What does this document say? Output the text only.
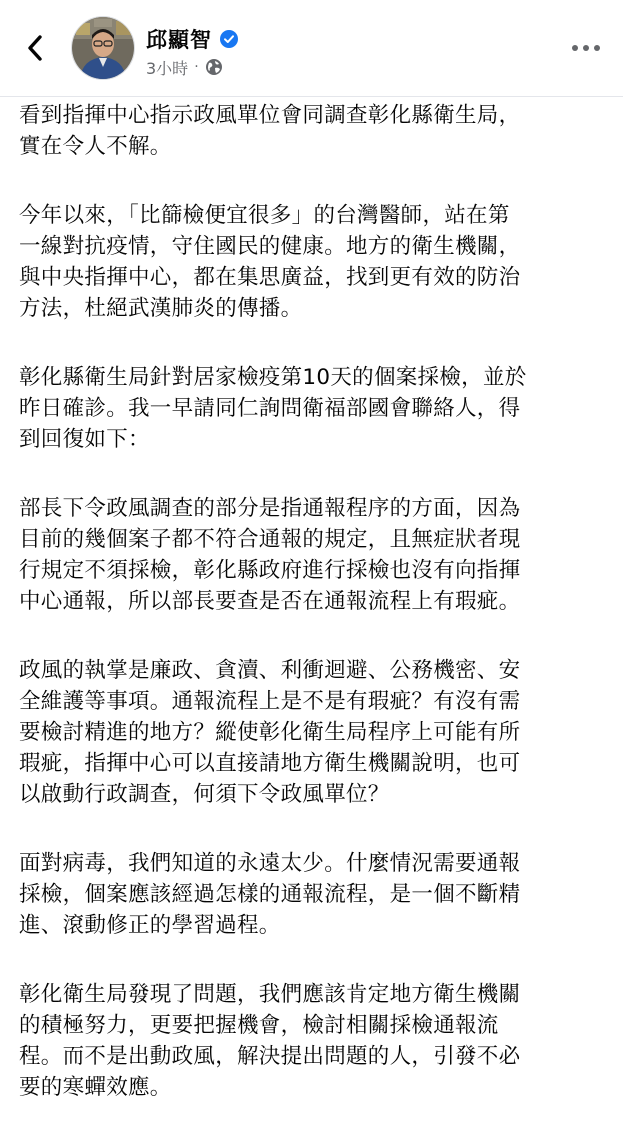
邱顯智
3小時 ·

看到指揮中心指示政風單位會同調查彰化縣衛生局，
實在令人不解。

今年以來，「比篩檢便宜很多」的台灣醫師，站在第
一線對抗疫情，守住國民的健康。地方的衛生機關，
與中央指揮中心，都在集思廣益，找到更有效的防治
方法，杜絕武漢肺炎的傳播。

彰化縣衛生局針對居家檢疫第10天的個案採檢，並於
昨日確診。我一早請同仁詢問衛福部國會聯絡人，得
到回復如下：

部長下令政風調查的部分是指通報程序的方面，因為
目前的幾個案子都不符合通報的規定，且無症狀者現
行規定不須採檢，彰化縣政府進行採檢也沒有向指揮
中心通報，所以部長要查是否在通報流程上有瑕疵。

政風的執掌是廉政、貪瀆、利衝迴避、公務機密、安
全維護等事項。通報流程上是不是有瑕疵？有沒有需
要檢討精進的地方？縱使彰化衛生局程序上可能有所
瑕疵，指揮中心可以直接請地方衛生機關說明，也可
以啟動行政調查，何須下令政風單位？

面對病毒，我們知道的永遠太少。什麼情況需要通報
採檢，個案應該經過怎樣的通報流程，是一個不斷精
進、滾動修正的學習過程。

彰化衛生局發現了問題，我們應該肯定地方衛生機關
的積極努力，更要把握機會，檢討相關採檢通報流
程。而不是出動政風，解決提出問題的人，引發不必
要的寒蟬效應。
